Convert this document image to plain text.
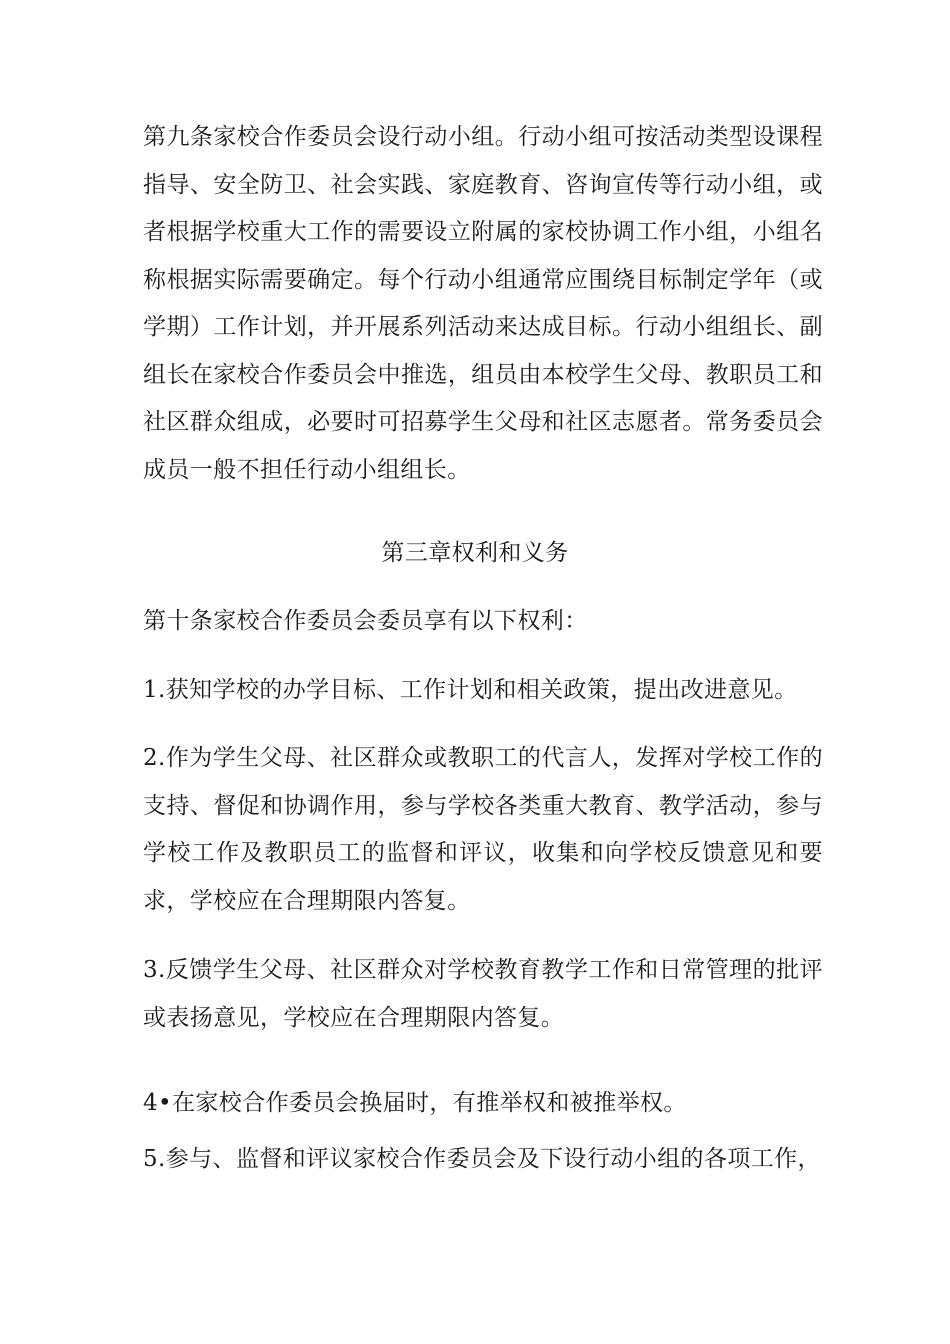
第九条家校合作委员会设行动小组。行动小组可按活动类型设课程指导、安全防卫、社会实践、家庭教育、咨询宣传等行动小组，或者根据学校重大工作的需要设立附属的家校协调工作小组，小组名称根据实际需要确定。每个行动小组通常应围绕目标制定学年（或学期）工作计划，并开展系列活动来达成目标。行动小组组长、副组长在家校合作委员会中推选，组员由本校学生父母、教职员工和社区群众组成，必要时可招募学生父母和社区志愿者。常务委员会成员一般不担任行动小组组长。

第三章权利和义务

第十条家校合作委员会委员享有以下权利：

1.获知学校的办学目标、工作计划和相关政策，提出改进意见。

2.作为学生父母、社区群众或教职工的代言人，发挥对学校工作的支持、督促和协调作用，参与学校各类重大教育、教学活动，参与学校工作及教职员工的监督和评议，收集和向学校反馈意见和要求，学校应在合理期限内答复。

3.反馈学生父母、社区群众对学校教育教学工作和日常管理的批评或表扬意见，学校应在合理期限内答复。

4•在家校合作委员会换届时，有推举权和被推举权。

5.参与、监督和评议家校合作委员会及下设行动小组的各项工作，
